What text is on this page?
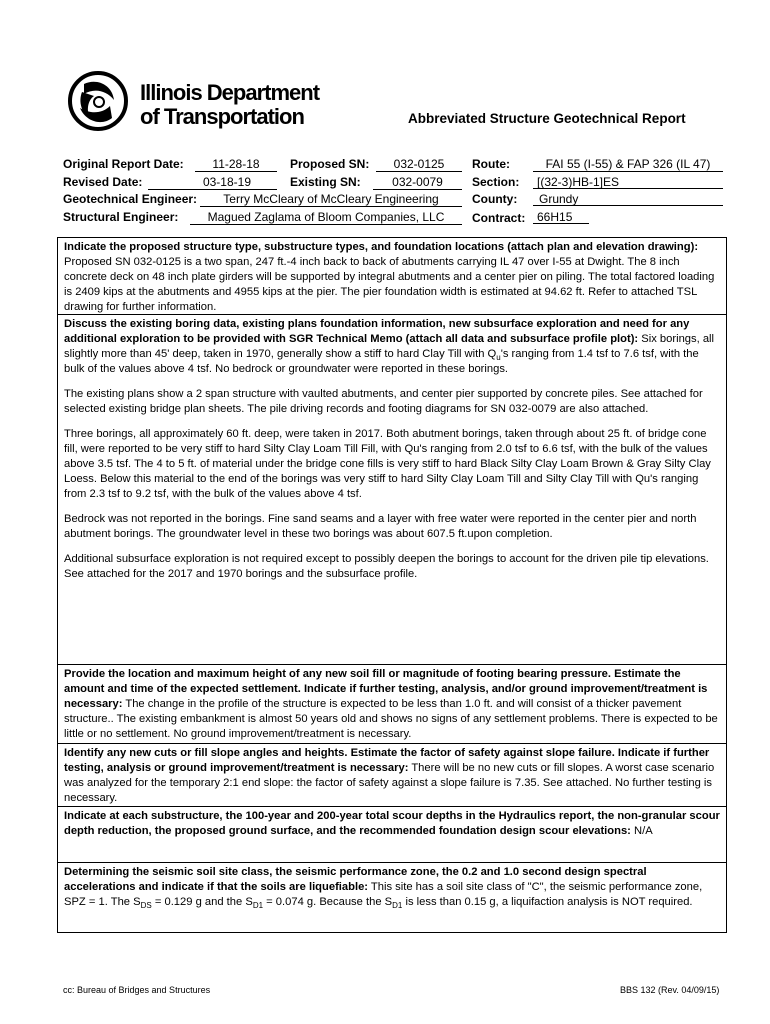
Illinois Department
of Transportation	Abbreviated Structure Geotechnical Report
Original Report Date:	11-28-18	Proposed SN:	032-0125	Route:	FAI 55 (I-55) & FAP 326 (IL 47)
Revised Date:	03-18-19	Existing SN:	032-0079	Section:	[(32-3)HB-1]ES
Geotechnical Engineer:	Terry McCleary of McCleary Engineering	County:	Grundy
Structural Engineer:	Magued Zaglama of Bloom Companies, LLC	Contract: 66H15

Indicate the proposed structure type, substructure types, and foundation locations (attach plan and elevation drawing): Proposed SN 032-0125 is a two span, 247 ft.-4 inch back to back of abutments carrying IL 47 over I-55 at Dwight. The 8 inch concrete deck on 48 inch plate girders will be supported by integral abutments and a center pier on piling. The total factored loading is 2409 kips at the abutments and 4955 kips at the pier. The pier foundation width is estimated at 94.62 ft. Refer to attached TSL drawing for further information.

Discuss the existing boring data, existing plans foundation information, new subsurface exploration and need for any additional exploration to be provided with SGR Technical Memo (attach all data and subsurface profile plot): Six borings, all slightly more than 45' deep, taken in 1970, generally show a stiff to hard Clay Till with $Q_u's$ ranging from 1.4 tsf to 7.6 tsf, with the bulk of the values above 4 tsf. No bedrock or groundwater were reported in these borings.

The existing plans show a 2 span structure with vaulted abutments, and center pier supported by concrete piles. See attached for selected existing bridge plan sheets. The pile driving records and footing diagrams for SN 032-0079 are also attached.

Three borings, all approximately 60 ft. deep, were taken in 2017. Both abutment borings, taken through about 25 ft. of bridge cone fill, were reported to be very stiff to hard Silty Clay Loam Till Fill, with Qu's ranging from 2.0 tsf to 6.6 tsf, with the bulk of the values above 3.5 tsf. The 4 to 5 ft. of material under the bridge cone fills is very stiff to hard Black Silty Clay Loam Brown & Gray Silty Clay Loess. Below this material to the end of the borings was very stiff to hard Silty Clay Loam Till and Silty Clay Till with Qu's ranging from 2.3 tsf to 9.2 tsf, with the bulk of the values above 4 tsf.

Bedrock was not reported in the borings. Fine sand seams and a layer with free water were reported in the center pier and north abutment borings. The groundwater level in these two borings was about 607.5 ft.upon completion.

Additional subsurface exploration is not required except to possibly deepen the borings to account for the driven pile tip elevations. See attached for the 2017 and 1970 borings and the subsurface profile.

Provide the location and maximum height of any new soil fill or magnitude of footing bearing pressure. Estimate the amount and time of the expected settlement. Indicate if further testing, analysis, and/or ground improvement/treatment is necessary: The change in the profile of the structure is expected to be less than 1.0 ft. and will consist of a thicker pavement structure.. The existing embankment is almost 50 years old and shows no signs of any settlement problems. There is expected to be little or no settlement. No ground improvement/treatment is necessary.

Identify any new cuts or fill slope angles and heights. Estimate the factor of safety against slope failure. Indicate if further testing, analysis or ground improvement/treatment is necessary: There will be no new cuts or fill slopes. A worst case scenario was analyzed for the temporary 2:1 end slope: the factor of safety against a slope failure is 7.35. See attached. No further testing is necessary.

Indicate at each substructure, the 100-year and 200-year total scour depths in the Hydraulics report, the non-granular scour depth reduction, the proposed ground surface, and the recommended foundation design scour elevations: N/A

Determining the seismic soil site class, the seismic performance zone, the 0.2 and 1.0 second design spectral accelerations and indicate if that the soils are liquefiable: This site has a soil site class of "C", the seismic performance zone, SPZ = 1. The $S_{DS} = 0.129$ g and the $S_{D1} = 0.074$ g. Because the $S_{D1}$ is less than 0.15 g, a liquifaction analysis is NOT required.

cc: Bureau of Bridges and Structures	BBS 132 (Rev. 04/09/15)
